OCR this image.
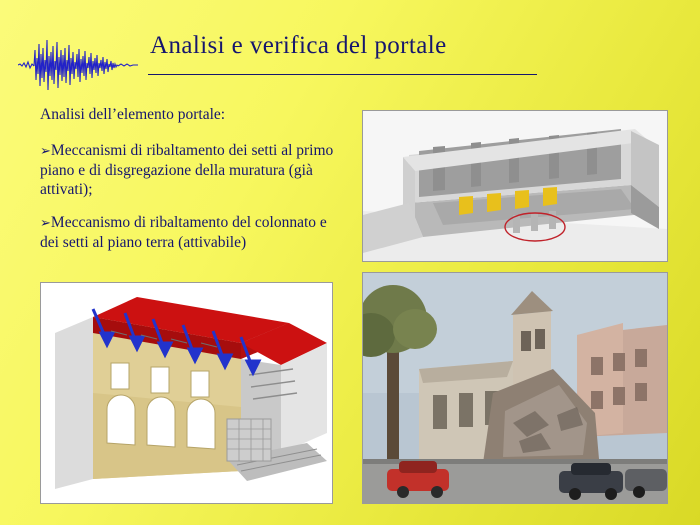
Analisi e verifica del portale
Analisi dell’elemento portale:
➢Meccanismi di ribaltamento dei setti al primo piano e di disgregazione della muratura (già attivati);
➢Meccanismo di ribaltamento del colonnato e dei setti al piano terra (attivabile)
